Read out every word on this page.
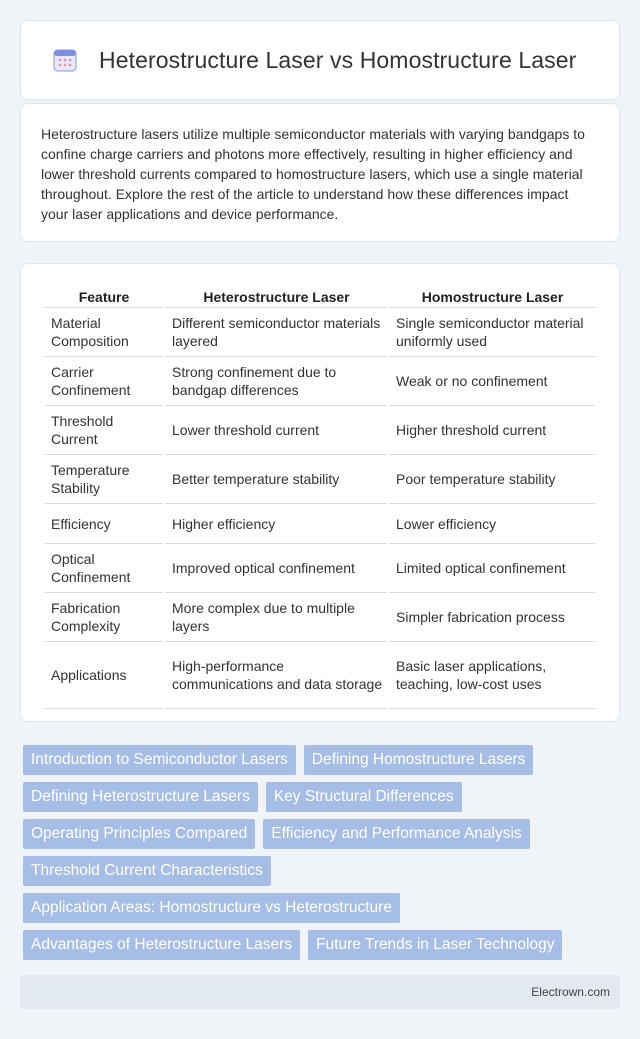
Heterostructure Laser vs Homostructure Laser

Heterostructure lasers utilize multiple semiconductor materials with varying bandgaps to confine charge carriers and photons more effectively, resulting in higher efficiency and lower threshold currents compared to homostructure lasers, which use a single material throughout. Explore the rest of the article to understand how these differences impact your laser applications and device performance.

Feature	Heterostructure Laser	Homostructure Laser
Material Composition	Different semiconductor materials layered	Single semiconductor material uniformly used
Carrier Confinement	Strong confinement due to bandgap differences	Weak or no confinement
Threshold Current	Lower threshold current	Higher threshold current
Temperature Stability	Better temperature stability	Poor temperature stability
Efficiency	Higher efficiency	Lower efficiency
Optical Confinement	Improved optical confinement	Limited optical confinement
Fabrication Complexity	More complex due to multiple layers	Simpler fabrication process
Applications	High-performance communications and data storage	Basic laser applications, teaching, low-cost uses
Introduction to Semiconductor Lasers	Defining Homostructure Lasers
Defining Heterostructure Lasers	Key Structural Differences
Operating Principles Compared	Efficiency and Performance Analysis
Threshold Current Characteristics
Application Areas: Homostructure vs Heterostructure
Advantages of Heterostructure Lasers	Future Trends in Laser Technology
Electrown.com
